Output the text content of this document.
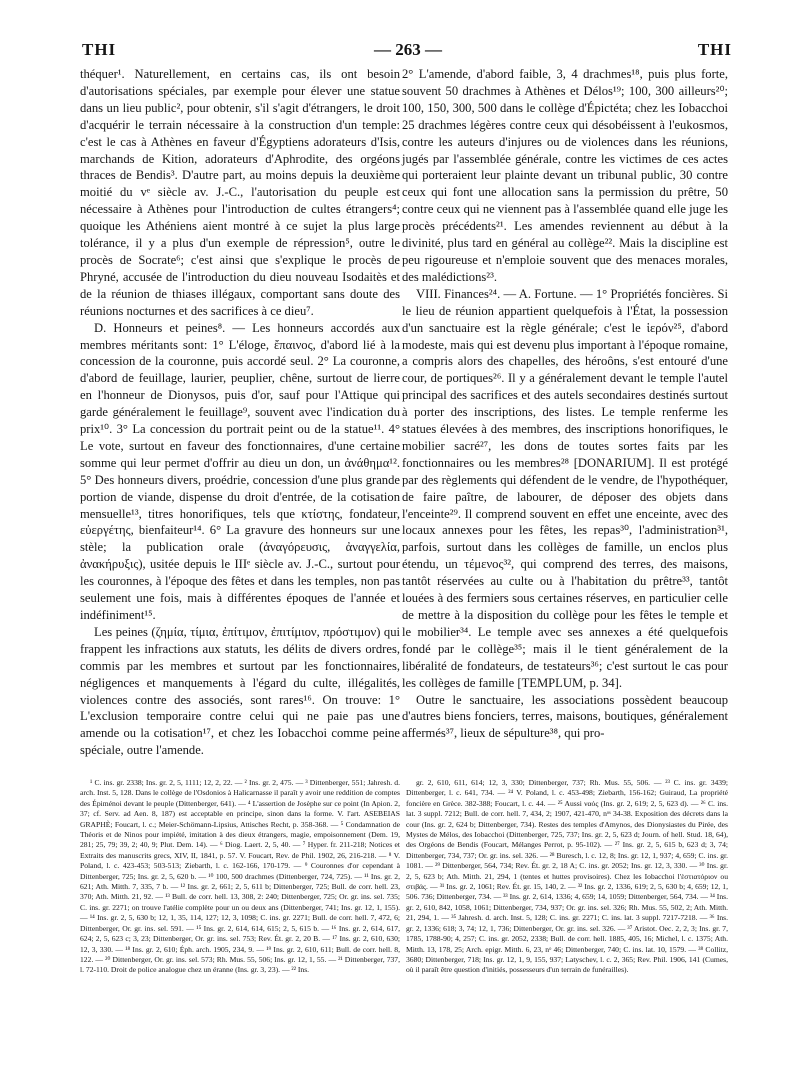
THI	— 263 —	THI

théquer¹. Naturellement, en certains cas, ils ont besoin d'autorisations spéciales, par exemple pour élever une statue dans un lieu public², pour obtenir, s'il s'agit d'étrangers, le droit d'acquérir le terrain nécessaire à la construction d'un temple: c'est le cas à Athènes en faveur d'Égyptiens adorateurs d'Isis, marchands de Kition, adorateurs d'Aphrodite, des orgéons thraces de Bendis³. D'autre part, au moins depuis la deuxième moitié du vᵉ siècle av. J.-C., l'autorisation du peuple est nécessaire à Athènes pour l'introduction de cultes étrangers⁴; quoique les Athéniens aient montré à ce sujet la plus large tolérance, il y a plus d'un exemple de répression⁵, outre le procès de Socrate⁶; c'est ainsi que s'explique le procès de Phryné, accusée de l'introduction du dieu nouveau Isodaitès et de la réunion de thiases illégaux, comportant sans doute des réunions nocturnes et des sacrifices à ce dieu⁷.

D. Honneurs et peines⁸. — Les honneurs accordés aux membres méritants sont: 1° L'éloge, ἔπαινος, d'abord lié à la concession de la couronne, puis accordé seul. 2° La couronne, d'abord de feuillage, laurier, peuplier, chêne, surtout de lierre en l'honneur de Dionysos, puis d'or, sauf pour l'Attique qui garde généralement le feuillage⁹, souvent avec l'indication du prix¹⁰. 3° La concession du portrait peint ou de la statue¹¹. 4° Le vote, surtout en faveur des fonctionnaires, d'une certaine somme qui leur permet d'offrir au dieu un don, un ἀνάθημα¹². 5° Des honneurs divers, proédrie, concession d'une plus grande portion de viande, dispense du droit d'entrée, de la cotisation mensuelle¹³, titres honorifiques, tels que κτίστης, fondateur, εὐεργέτης, bienfaiteur¹⁴. 6° La gravure des honneurs sur une stèle; la publication orale (ἀναγόρευσις, ἀναγγελία, ἀνακήρυξις), usitée depuis le IIIᵉ siècle av. J.-C., surtout pour les couronnes, à l'époque des fêtes et dans les temples, non pas seulement une fois, mais à différentes époques de l'année et indéfiniment¹⁵.

Les peines (ζημία, τίμια, ἐπίτιμον, ἐπιτίμιον, πρόστιμον) qui frappent les infractions aux statuts, les délits de divers ordres, commis par les membres et surtout par les fonctionnaires, négligences et manquements à l'égard du culte, illégalités, violences contre des associés, sont rares¹⁶. On trouve: 1° L'exclusion temporaire contre celui qui ne paie pas une amende ou la cotisation¹⁷, et chez les Iobacchoi comme peine spéciale, outre l'amende.

2° L'amende, d'abord faible, 3, 4 drachmes¹⁸, puis plus forte, souvent 50 drachmes à Athènes et Délos¹⁹; 100, 300 ailleurs²⁰; 100, 150, 300, 500 dans le collège d'Épictéta; chez les Iobacchoi 25 drachmes légères contre ceux qui désobéissent à l'eukosmos, contre les auteurs d'injures ou de violences dans les réunions, jugés par l'assemblée générale, contre les victimes de ces actes qui porteraient leur plainte devant un tribunal public, 30 contre ceux qui font une allocation sans la permission du prêtre, 50 contre ceux qui ne viennent pas à l'assemblée quand elle juge les procès précédents²¹. Les amendes reviennent au début à la divinité, plus tard en général au collège²². Mais la discipline est peu rigoureuse et n'emploie souvent que des menaces morales, des malédictions²³.

VIII. Finances²⁴. — A. Fortune. — 1° Propriétés foncières. Si le lieu de réunion appartient quelquefois à l'État, la possession d'un sanctuaire est la règle générale; c'est le ἱερόν²⁵, d'abord modeste, mais qui est devenu plus important à l'époque romaine, a compris alors des chapelles, des héroôns, s'est entouré d'une cour, de portiques²⁶. Il y a généralement devant le temple l'autel principal des sacrifices et des autels secondaires destinés surtout à porter des inscriptions, des listes. Le temple renferme les statues élevées à des membres, des inscriptions honorifiques, le mobilier sacré²⁷, les dons de toutes sortes faits par les fonctionnaires ou les membres²⁸ [DONARIUM]. Il est protégé par des règlements qui défendent de le vendre, de l'hypothéquer, de faire paître, de labourer, de déposer des objets dans l'enceinte²⁹. Il comprend souvent en effet une enceinte, avec des locaux annexes pour les fêtes, les repas³⁰, l'administration³¹, parfois, surtout dans les collèges de famille, un enclos plus étendu, un τέμενος³², qui comprend des terres, des maisons, tantôt réservées au culte ou à l'habitation du prêtre³³, tantôt louées à des fermiers sous certaines réserves, en particulier celle de mettre à la disposition du collège pour les fêtes le temple et le mobilier³⁴. Le temple avec ses annexes a été quelquefois fondé par le collège³⁵; mais il le tient généralement de la libéralité de fondateurs, de testateurs³⁶; c'est surtout le cas pour les collèges de famille [TEMPLUM, p. 34].

Outre le sanctuaire, les associations possèdent beaucoup d'autres biens fonciers, terres, maisons, boutiques, généralement affermés³⁷, lieux de sépulture³⁸, qui pro-

¹ C. ins. gr. 2338; Ins. gr. 2, 5, 1111; 12, 2, 22. — ² Ins. gr. 2, 475. — ³ Dittenberger, 551; Jahresh. d. arch. Inst. 5, 128. Dans le collège de l'Osdonios à Halicarnasse il paraît y avoir une reddition de comptes des Épiménoi devant le peuple (Dittenberger, 641). — ⁴ L'assertion de Josèphe sur ce point (In Apion. 2, 37; cf. Serv. ad Aen. 8, 187) est acceptable en principe, sinon dans la forme. V. l'art. ASEBEIAS GRAPHÈ; Foucart, l. c.; Meier-Schömann-Lipsius, Attisches Recht, p. 358-368. — ⁵ Condamnation de Théoris et de Ninos pour impiété, imitation à des dieux étrangers, magie, empoisonnement (Dem. 19, 281; 25, 79; 39, 2; 40, 9; Plut. Dem. 14). — ⁶ Diog. Laert. 2, 5, 40. — ⁷ Hyper. fr. 211-218; Notices et Extraits des manuscrits grecs, XIV, II, 1841, p. 57. V. Foucart, Rev. de Phil. 1902, 26, 216-218. — ⁸ V. Poland, l. c. 423-453; 503-513; Ziebarth, l. c. 162-166, 170-179. — ⁹ Couronnes d'or cependant à Dittenberger, 725; Ins. gr. 2, 5, 620 b. — ¹⁰ 100, 500 drachmes (Dittenberger, 724, 725). — ¹¹ Ins. gr. 2, 621; Ath. Mitth. 7, 335, 7 b. — ¹² Ins. gr. 2, 661; 2, 5, 611 b; Dittenberger, 725; Bull. de corr. hell. 23, 370; Ath. Mitth. 21, 92. — ¹³ Bull. de corr. hell. 13, 308, 2: 240; Dittenberger, 725; Or. gr. ins. sel. 735; C. ins. gr. 2271; on trouve l'atélie complète pour un ou deux ans (Dittenberger, 741; Ins. gr. 12, 1, 155). — ¹⁴ Ins. gr. 2, 5, 630 b; 12, 1, 35, 114, 127; 12, 3, 1098; C. ins. gr. 2271; Bull. de corr. hell. 7, 472, 6; Dittenberger, Or. gr. ins. sel. 591. — ¹⁵ Ins. gr. 2, 614, 614, 615; 2, 5, 615 b. — ¹⁶ Ins. gr. 2, 614, 617, 624; 2, 5, 623 c; 3, 23; Dittenberger, Or. gr. ins. sel. 753; Rev. Ét. gr. 2, 20 B. — ¹⁷ Ins. gr. 2, 610, 630; 12, 3, 330. — ¹⁸ Ins. gr. 2, 610; Éph. arch. 1905, 234, 9. — ¹⁹ Ins. gr. 2, 610, 611; Bull. de corr. hell. 8, 122. — ²⁰ Dittenberger, Or. gr. ins. sel. 573; Rh. Mus. 55, 506; Ins. gr. 12, 1, 55. — ²¹ Dittenberger, 737, l. 72-110. Droit de police analogue chez un éranne (Ins. gr. 3, 23). — ²² Ins.

gr. 2, 610, 611, 614; 12, 3, 330; Dittenberger, 737; Rh. Mus. 55, 506. — ²³ C. ins. gr. 3439; Dittenberger, l. c. 641, 734. — ²⁴ V. Poland, l. c. 453-498; Ziebarth, 156-162; Guiraud, La propriété foncière en Grèce. 382-388; Foucart, l. c. 44. — ²⁵ Aussi ναός (Ins. gr. 2, 619; 2, 5, 623 d). — ²⁶ C. ins. lat. 3 suppl. 7212; Bull. de corr. hell. 7, 434, 2; 1907, 421-470, nᵒˢ 34-38. Exposition des décrets dans la cour (Ins. gr. 2, 624 b; Dittenberger, 734). Restes des temples d'Amynos, des Dionysiastes du Pirée, des Mystes de Mélos, des Iobacchoi (Dittenberger, 725, 737; Ins. gr. 2, 5, 623 d; Journ. of hell. Stud. 18, 64), des Orgéons de Bendis (Foucart, Mélanges Perrot, p. 95-102). — ²⁷ Ins. gr. 2, 5, 615 b, 623 d; 3, 74; Dittenberger, 734, 737; Or. gr. ins. sel. 326. — ²⁸ Buresch, l. c. 12, 8; Ins. gr. 12, 1, 937; 4, 659; C. ins. gr. 1081. — ²⁹ Dittenberger, 564, 734; Rev. Ét. gr. 2, 18 A; C. ins. gr. 2052; Ins. gr. 12, 3, 330. — ³⁰ Ins. gr. 2, 5, 623 b; Ath. Mitth. 21, 294, 1 (tentes et huttes provisoires). Chez les Iobacchoi l'ἑστιατόριον ou στιβάς. — ³¹ Ins. gr. 2, 1061; Rev. Ét. gr. 15, 140, 2. — ³² Ins. gr. 2, 1336, 619; 2, 5, 630 b; 4, 659; 12, 1, 506. 736; Dittenberger, 734. — ³³ Ins. gr. 2, 614, 1336; 4, 659; 14, 1059; Dittenberger, 564, 734. — ³⁴ Ins. gr. 2, 610, 842, 1058, 1061; Dittenberger, 734, 937; Or. gr. ins. sel. 326; Rh. Mus. 55, 502, 2; Ath. Mitth. 21, 294, 1. — ³⁵ Jahresh. d. arch. Inst. 5, 128; C. ins. gr. 2271; C. ins. lat. 3 suppl. 7217-7218. — ³⁶ Ins. gr. 2, 1336; 618; 3, 74; 12, 1, 736; Dittenberger, Or. gr. ins. sel. 326. — ³⁷ Aristot. Oec. 2, 2, 3; Ins. gr. 7, 1785, 1788-90; 4, 257; C. ins. gr. 2052, 2338; Bull. de corr. hell. 1885, 405, 16; Michel, l. c. 1375; Ath. Mitth. 13, 178, 25; Arch. epigr. Mitth. 6, 23, nᵒ 46; Dittenberger, 740; C. ins. lat. 10, 1579. — ³⁸ Collitz, 3680; Dittenberger, 718; Ins. gr. 12, 1, 9, 155, 937; Latyschev, l. c. 2, 365; Rev. Phil. 1906, 141 (Cumes, où il paraît être question d'initiés, possesseurs d'un terrain de funérailles).
